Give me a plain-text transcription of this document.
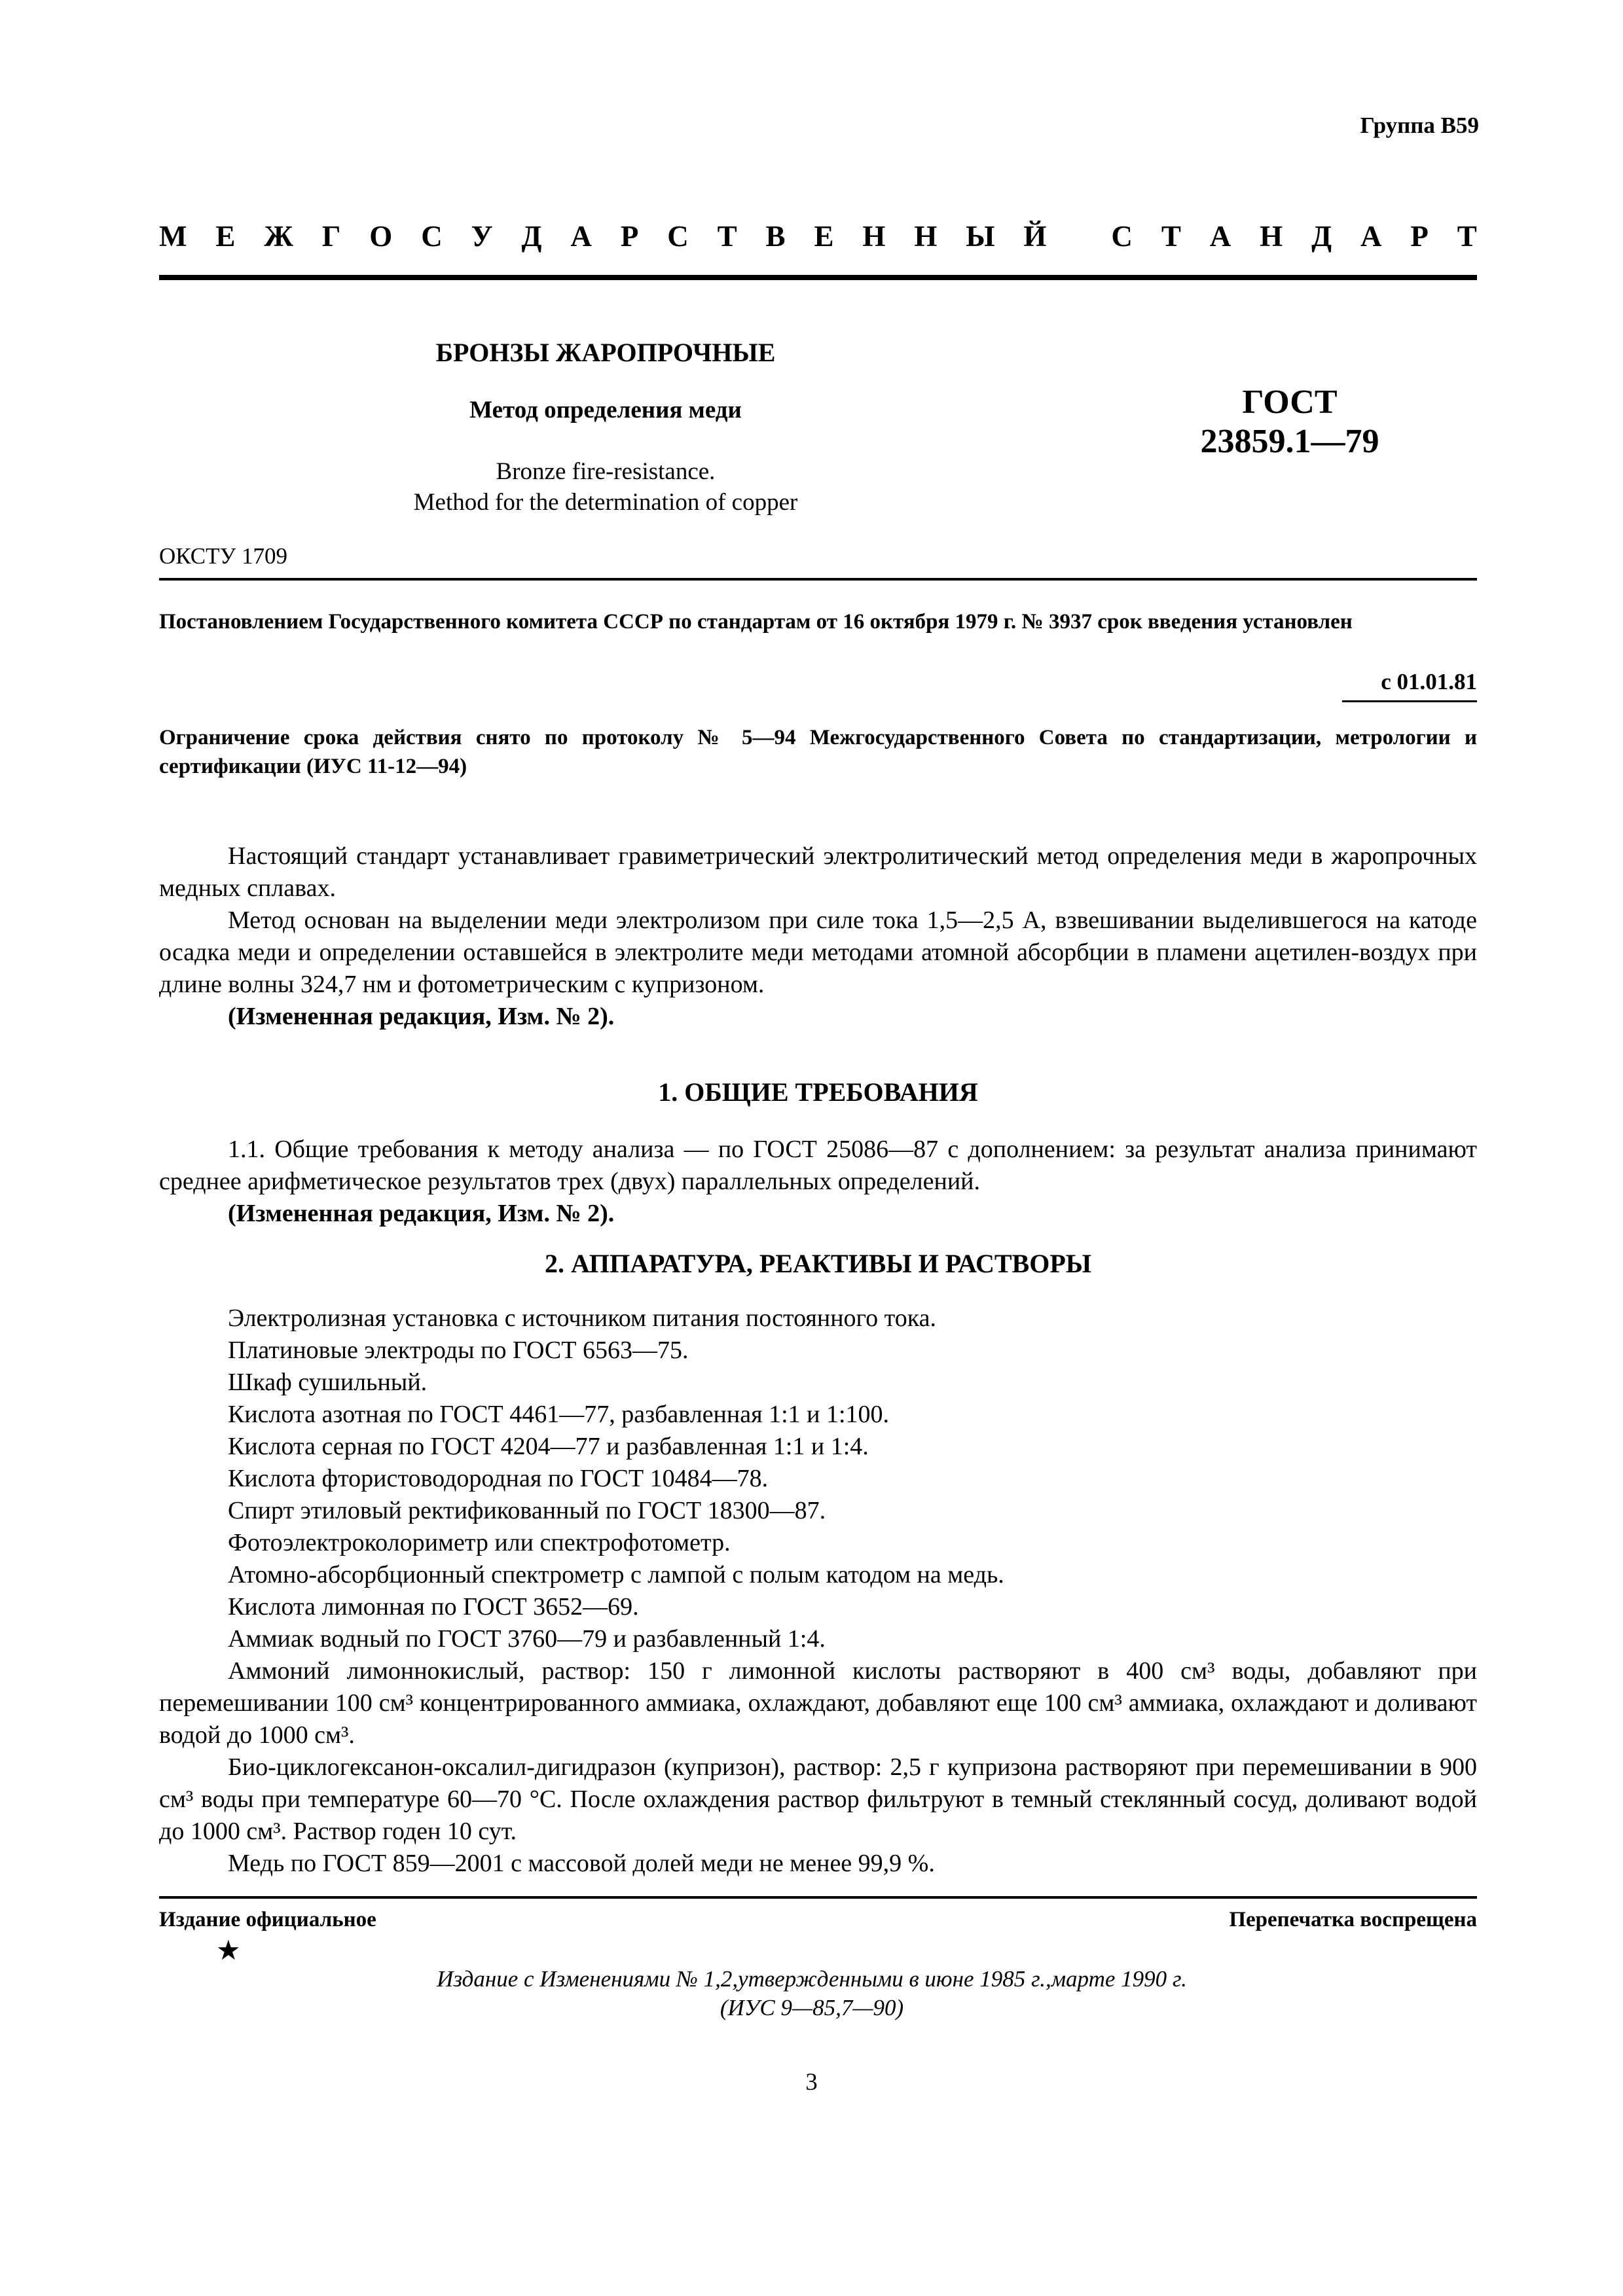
Группа В59
М Е Ж Г О С У Д А Р С Т В Е Н Н Ы Й
С Т А Н Д А Р Т
БРОНЗЫ ЖАРОПРОЧНЫЕ
Метод определения меди
Bronze fire-resistance.
Method for the determination of copper
ГОСТ
23859.1—79
ОКСТУ 1709
Постановлением Государственного комитета СССР по стандартам от 16 октября 1979 г. № 3937 срок введения установлен
с 01.01.81
Ограничение срока действия снято по протоколу № 5—94 Межгосударственного Совета по стандартизации, метрологии и сертификации (ИУС 11-12—94)

Настоящий стандарт устанавливает гравиметрический электролитический метод определения меди в жаропрочных медных сплавах.

Метод основан на выделении меди электролизом при силе тока 1,5—2,5 А, взвешивании выделившегося на катоде осадка меди и определении оставшейся в электролите меди методами атомной абсорбции в пламени ацетилен-воздух при длине волны 324,7 нм и фотометрическим с купризоном.

(Измененная редакция, Изм. № 2).

1. ОБЩИЕ ТРЕБОВАНИЯ

1.1. Общие требования к методу анализа — по ГОСТ 25086—87 с дополнением: за результат анализа принимают среднее арифметическое результатов трех (двух) параллельных определений.

(Измененная редакция, Изм. № 2).

2. АППАРАТУРА, РЕАКТИВЫ И РАСТВОРЫ

Электролизная установка с источником питания постоянного тока.

Платиновые электроды по ГОСТ 6563—75.

Шкаф сушильный.

Кислота азотная по ГОСТ 4461—77, разбавленная 1:1 и 1:100.

Кислота серная по ГОСТ 4204—77 и разбавленная 1:1 и 1:4.

Кислота фтористоводородная по ГОСТ 10484—78.

Спирт этиловый ректификованный по ГОСТ 18300—87.

Фотоэлектроколориметр или спектрофотометр.

Атомно-абсорбционный спектрометр с лампой с полым катодом на медь.

Кислота лимонная по ГОСТ 3652—69.

Аммиак водный по ГОСТ 3760—79 и разбавленный 1:4.

Аммоний лимоннокислый, раствор: 150 г лимонной кислоты растворяют в 400 см³ воды, добавляют при перемешивании 100 см³ концентрированного аммиака, охлаждают, добавляют еще 100 см³ аммиака, охлаждают и доливают водой до 1000 см³.

Био-циклогексанон-оксалил-дигидразон (купризон), раствор: 2,5 г купризона растворяют при перемешивании в 900 см³ воды при температуре 60—70 °С. После охлаждения раствор фильтруют в темный стеклянный сосуд, доливают водой до 1000 см³. Раствор годен 10 сут.

Медь по ГОСТ 859—2001 с массовой долей меди не менее 99,9 %.

Издание официальное	Перепечатка воспрещена
★
Издание с Изменениями № 1,2,утвержденными в июне 1985 г.,марте 1990 г.
(ИУС 9—85,7—90)
3
